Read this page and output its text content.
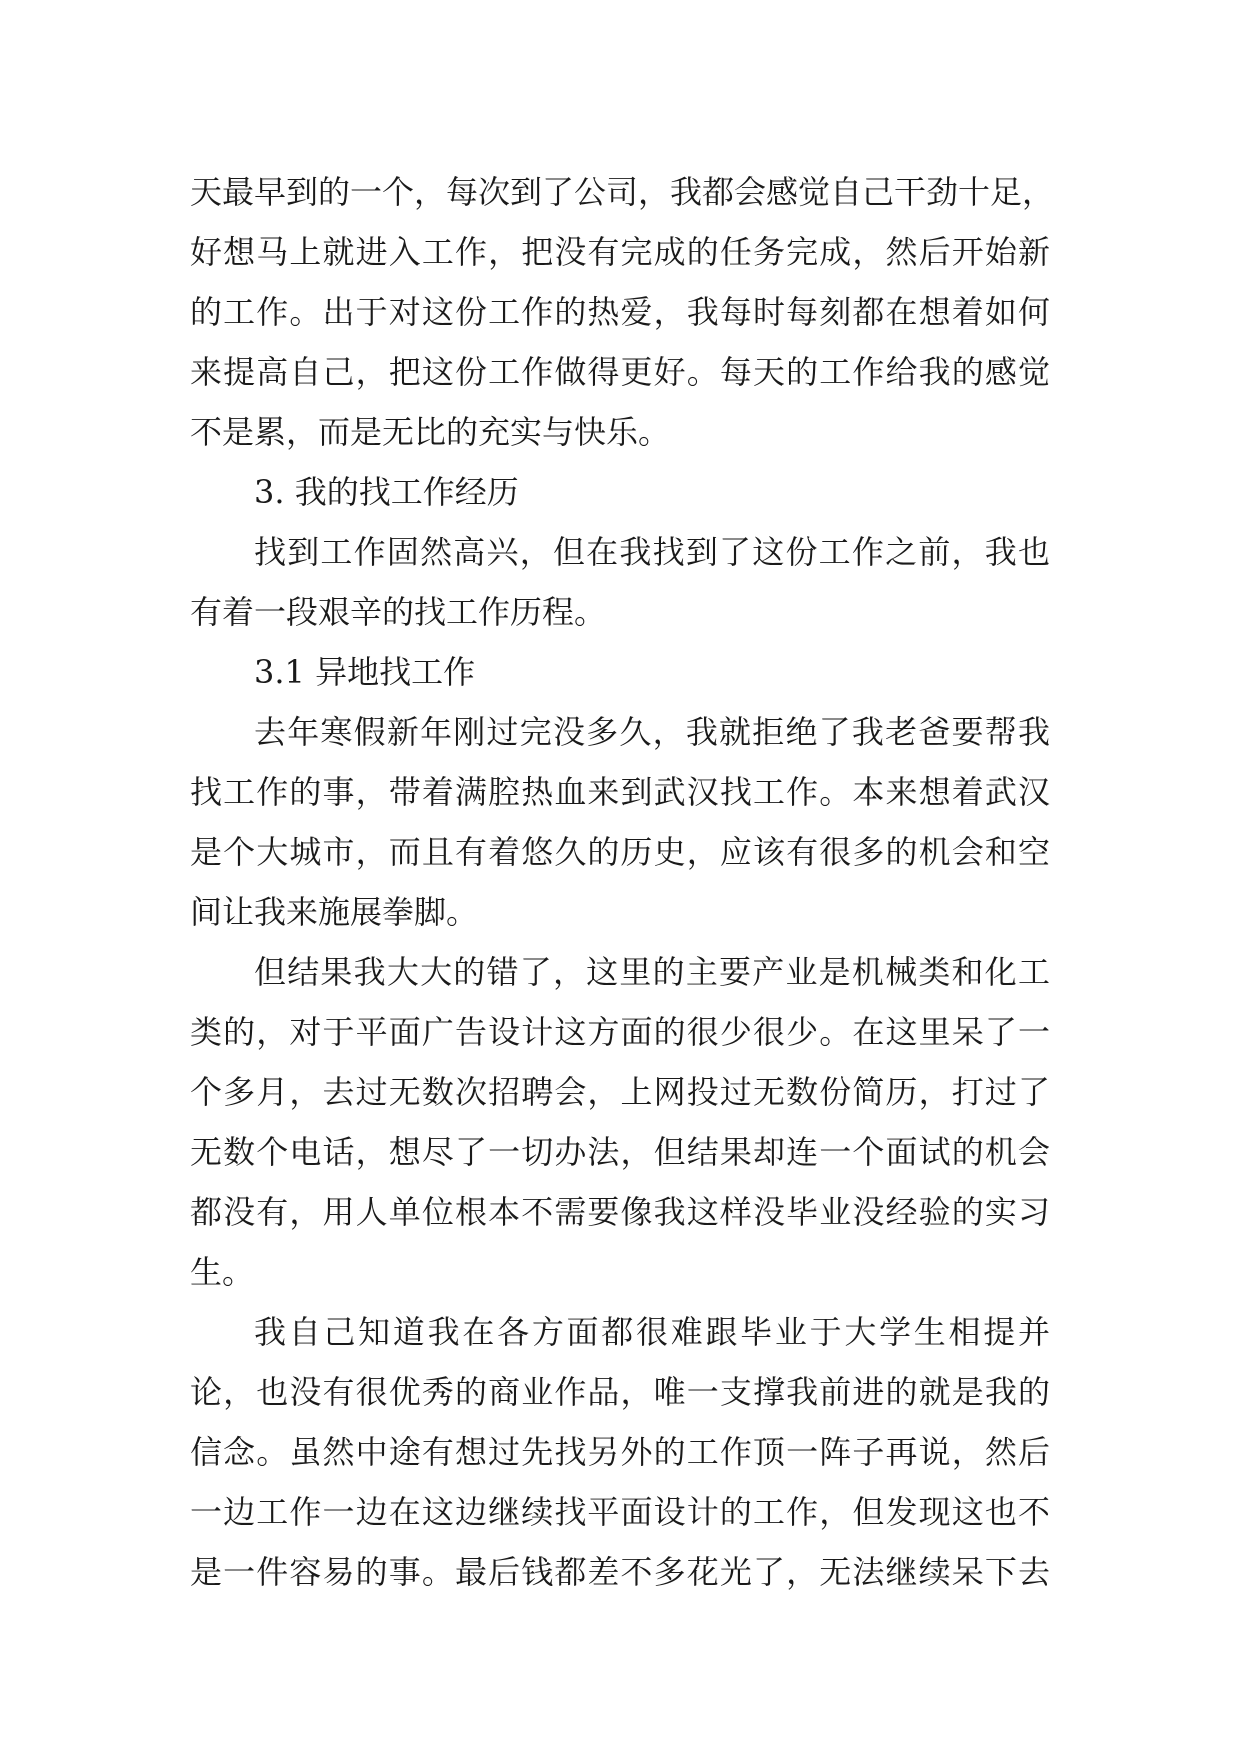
天最早到的一个，每次到了公司，我都会感觉自己干劲十足，
好想马上就进入工作，把没有完成的任务完成，然后开始新
的工作。出于对这份工作的热爱，我每时每刻都在想着如何
来提高自己，把这份工作做得更好。每天的工作给我的感觉
不是累，而是无比的充实与快乐。
3. 我的找工作经历
找到工作固然高兴，但在我找到了这份工作之前，我也
有着一段艰辛的找工作历程。
3.1 异地找工作
去年寒假新年刚过完没多久，我就拒绝了我老爸要帮我
找工作的事，带着满腔热血来到武汉找工作。本来想着武汉
是个大城市，而且有着悠久的历史，应该有很多的机会和空
间让我来施展拳脚。
但结果我大大的错了，这里的主要产业是机械类和化工
类的，对于平面广告设计这方面的很少很少。在这里呆了一
个多月，去过无数次招聘会，上网投过无数份简历，打过了
无数个电话，想尽了一切办法，但结果却连一个面试的机会
都没有，用人单位根本不需要像我这样没毕业没经验的实习
生。
我自己知道我在各方面都很难跟毕业于大学生相提并
论，也没有很优秀的商业作品，唯一支撑我前进的就是我的
信念。虽然中途有想过先找另外的工作顶一阵子再说，然后
一边工作一边在这边继续找平面设计的工作，但发现这也不
是一件容易的事。最后钱都差不多花光了，无法继续呆下去
